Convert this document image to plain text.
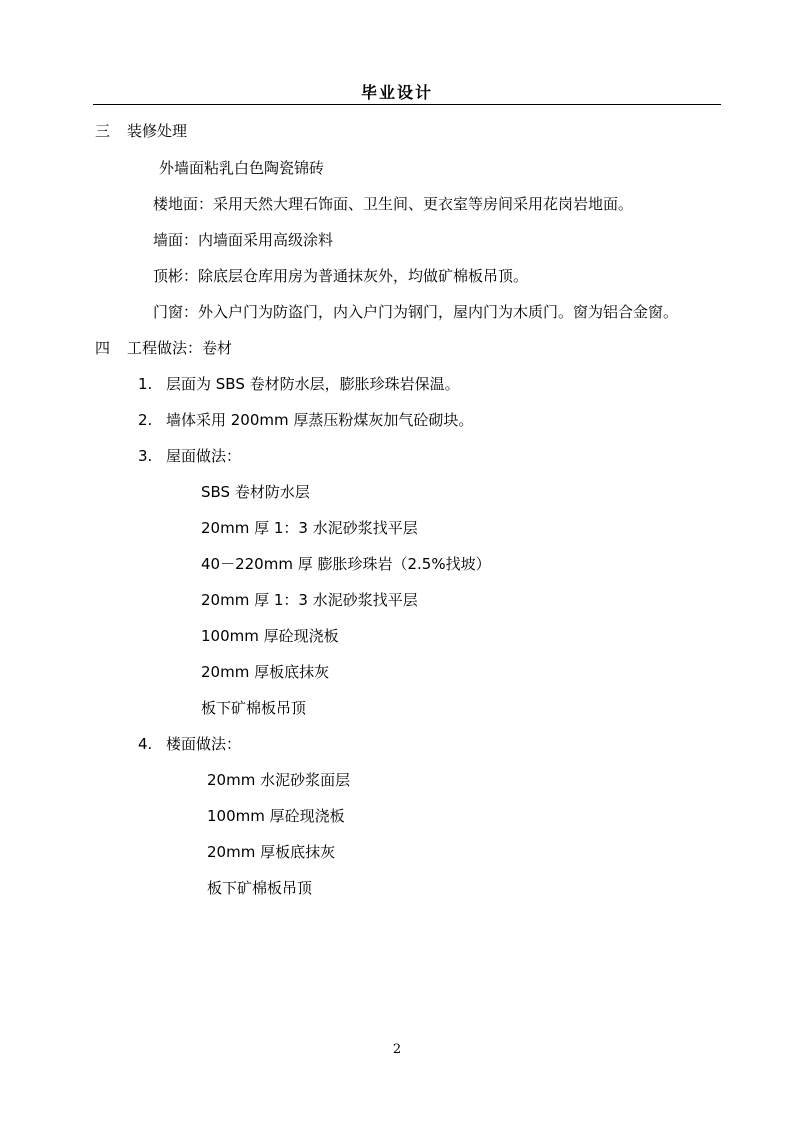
毕业设计
三 装修处理
外墙面粘乳白色陶瓷锦砖
楼地面：采用天然大理石饰面、卫生间、更衣室等房间采用花岗岩地面。
墙面：内墙面采用高级涂料
顶彬：除底层仓库用房为普通抹灰外，均做矿棉板吊顶。
门窗：外入户门为防盗门，内入户门为钢门，屋内门为木质门。窗为铝合金窗。
四 工程做法：卷材
1. 层面为 SBS 卷材防水层，膨胀珍珠岩保温。
2. 墙体采用 200mm 厚蒸压粉煤灰加气砼砌块。
3. 屋面做法：
SBS 卷材防水层
20mm 厚 1：3 水泥砂浆找平层
40－220mm 厚 膨胀珍珠岩（2.5%找坡）
20mm 厚 1：3 水泥砂浆找平层
100mm 厚砼现浇板
20mm 厚板底抹灰
板下矿棉板吊顶
4. 楼面做法：
20mm 水泥砂浆面层
100mm 厚砼现浇板
20mm 厚板底抹灰
板下矿棉板吊顶
2
